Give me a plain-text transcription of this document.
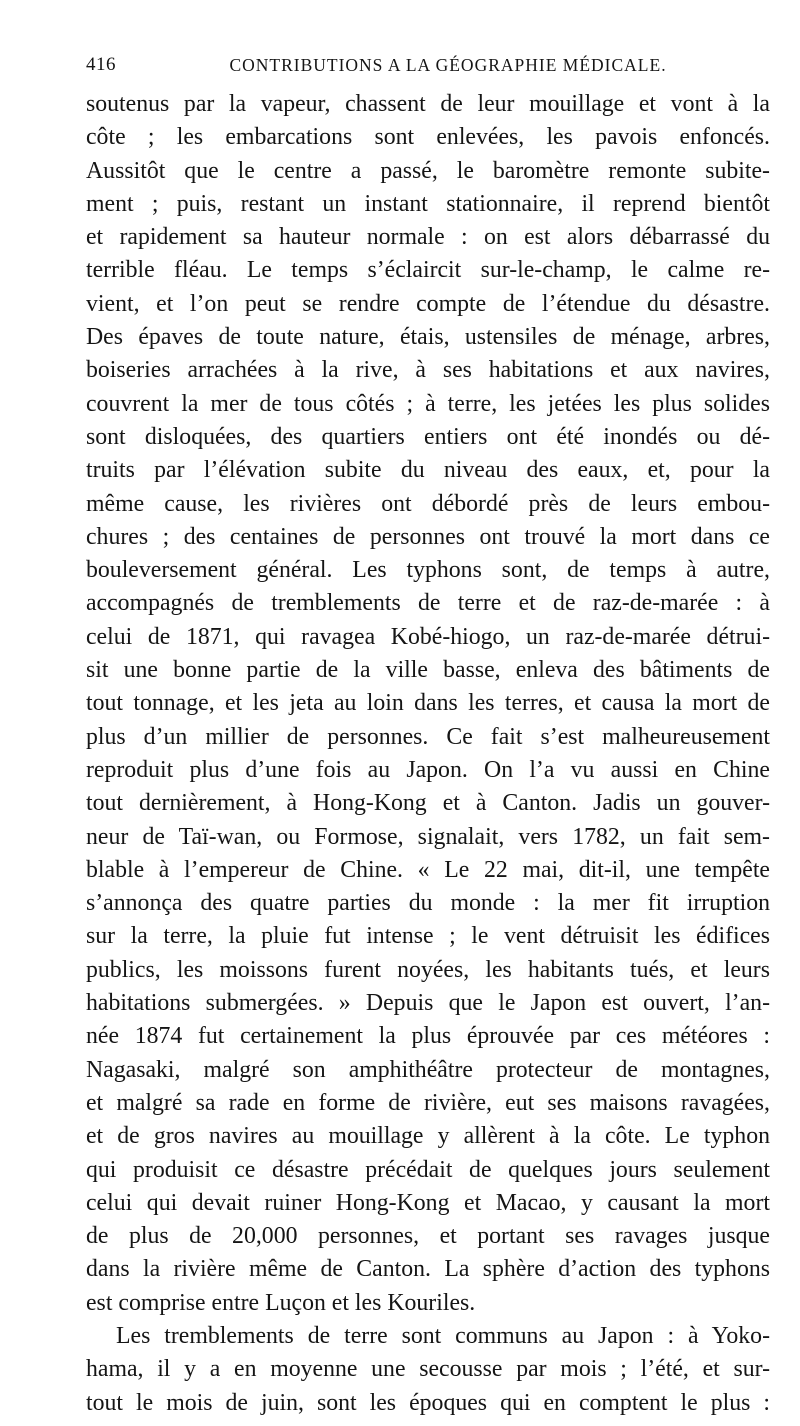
416	CONTRIBUTIONS A LA GÉOGRAPHIE MÉDICALE.
soutenus par la vapeur, chassent de leur mouillage et vont à la
côte ; les embarcations sont enlevées, les pavois enfoncés.
Aussitôt que le centre a passé, le baromètre remonte subite-
ment ; puis, restant un instant stationnaire, il reprend bientôt
et rapidement sa hauteur normale : on est alors débarrassé du
terrible fléau. Le temps s’éclaircit sur-le-champ, le calme re-
vient, et l’on peut se rendre compte de l’étendue du désastre.
Des épaves de toute nature, étais, ustensiles de ménage, arbres,
boiseries arrachées à la rive, à ses habitations et aux navires,
couvrent la mer de tous côtés ; à terre, les jetées les plus solides
sont disloquées, des quartiers entiers ont été inondés ou dé-
truits par l’élévation subite du niveau des eaux, et, pour la
même cause, les rivières ont débordé près de leurs embou-
chures ; des centaines de personnes ont trouvé la mort dans ce
bouleversement général. Les typhons sont, de temps à autre,
accompagnés de tremblements de terre et de raz-de-marée : à
celui de 1871, qui ravagea Kobé-hiogo, un raz-de-marée détrui-
sit une bonne partie de la ville basse, enleva des bâtiments de
tout tonnage, et les jeta au loin dans les terres, et causa la mort de
plus d’un millier de personnes. Ce fait s’est malheureusement
reproduit plus d’une fois au Japon. On l’a vu aussi en Chine
tout dernièrement, à Hong-Kong et à Canton. Jadis un gouver-
neur de Taï-wan, ou Formose, signalait, vers 1782, un fait sem-
blable à l’empereur de Chine. « Le 22 mai, dit-il, une tempête
s’annonça des quatre parties du monde : la mer fit irruption
sur la terre, la pluie fut intense ; le vent détruisit les édifices
publics, les moissons furent noyées, les habitants tués, et leurs
habitations submergées. » Depuis que le Japon est ouvert, l’an-
née 1874 fut certainement la plus éprouvée par ces météores :
Nagasaki, malgré son amphithéâtre protecteur de montagnes,
et malgré sa rade en forme de rivière, eut ses maisons ravagées,
et de gros navires au mouillage y allèrent à la côte. Le typhon
qui produisit ce désastre précédait de quelques jours seulement
celui qui devait ruiner Hong-Kong et Macao, y causant la mort
de plus de 20,000 personnes, et portant ses ravages jusque
dans la rivière même de Canton. La sphère d’action des typhons
est comprise entre Luçon et les Kouriles.
Les tremblements de terre sont communs au Japon : à Yoko-
hama, il y a en moyenne une secousse par mois ; l’été, et sur-
tout le mois de juin, sont les époques qui en comptent le plus :
